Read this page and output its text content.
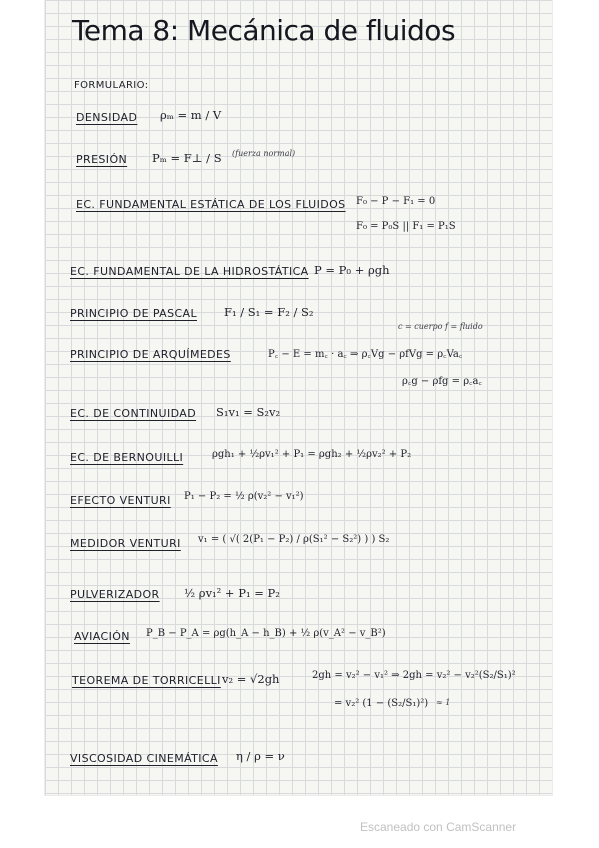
Tema 8: Mecánica de fluidos
FORMULARIO:
DENSIDAD ρₘ = m / V
PRESIÓN Pₘ = F⊥ / S (fuerza normal)
EC. FUNDAMENTAL ESTÁTICA DE LOS FLUIDOS F₀ − P − F₁ = 0
F₀ = P₀S || F₁ = P₁S
EC. FUNDAMENTAL DE LA HIDROSTÁTICA P = P₀ + ρgh
PRINCIPIO DE PASCAL F₁ / S₁ = F₂ / S₂
c = cuerpo f = fluido
PRINCIPIO DE ARQUÍMEDES	P꜀ − E = m꜀ · a꜀ ⇒ ρ꜀Vg − ρfVg = ρ꜀Va꜀
ρ꜀g − ρfg = ρ꜀a꜀
EC. DE CONTINUIDAD S₁v₁ = S₂v₂
EC. DE BERNOUILLI	ρgh₁ + ½ρv₁² + P₁ = ρgh₂ + ½ρv₂² + P₂
EFECTO VENTURI P₁ − P₂ = ½ ρ(v₂² − v₁²)
MEDIDOR VENTURI v₁ = ( √( 2(P₁ − P₂) / ρ(S₁² − S₂²) ) ) S₂
PULVERIZADOR ½ ρv₁² + P₁ = P₂
AVIACIÓN P_B − P_A = ρg(h_A − h_B) + ½ ρ(v_A² − v_B²)
TEOREMA DE TORRICELLI v₂ = √2gh	2gh = v₂² − v₁² ⇒ 2gh = v₂² − v₂²(S₂/S₁)²
= v₂² (1 − (S₂/S₁)²) ≈ 1
VISCOSIDAD CINEMÁTICA η / ρ = ν
Escaneado con CamScanner
